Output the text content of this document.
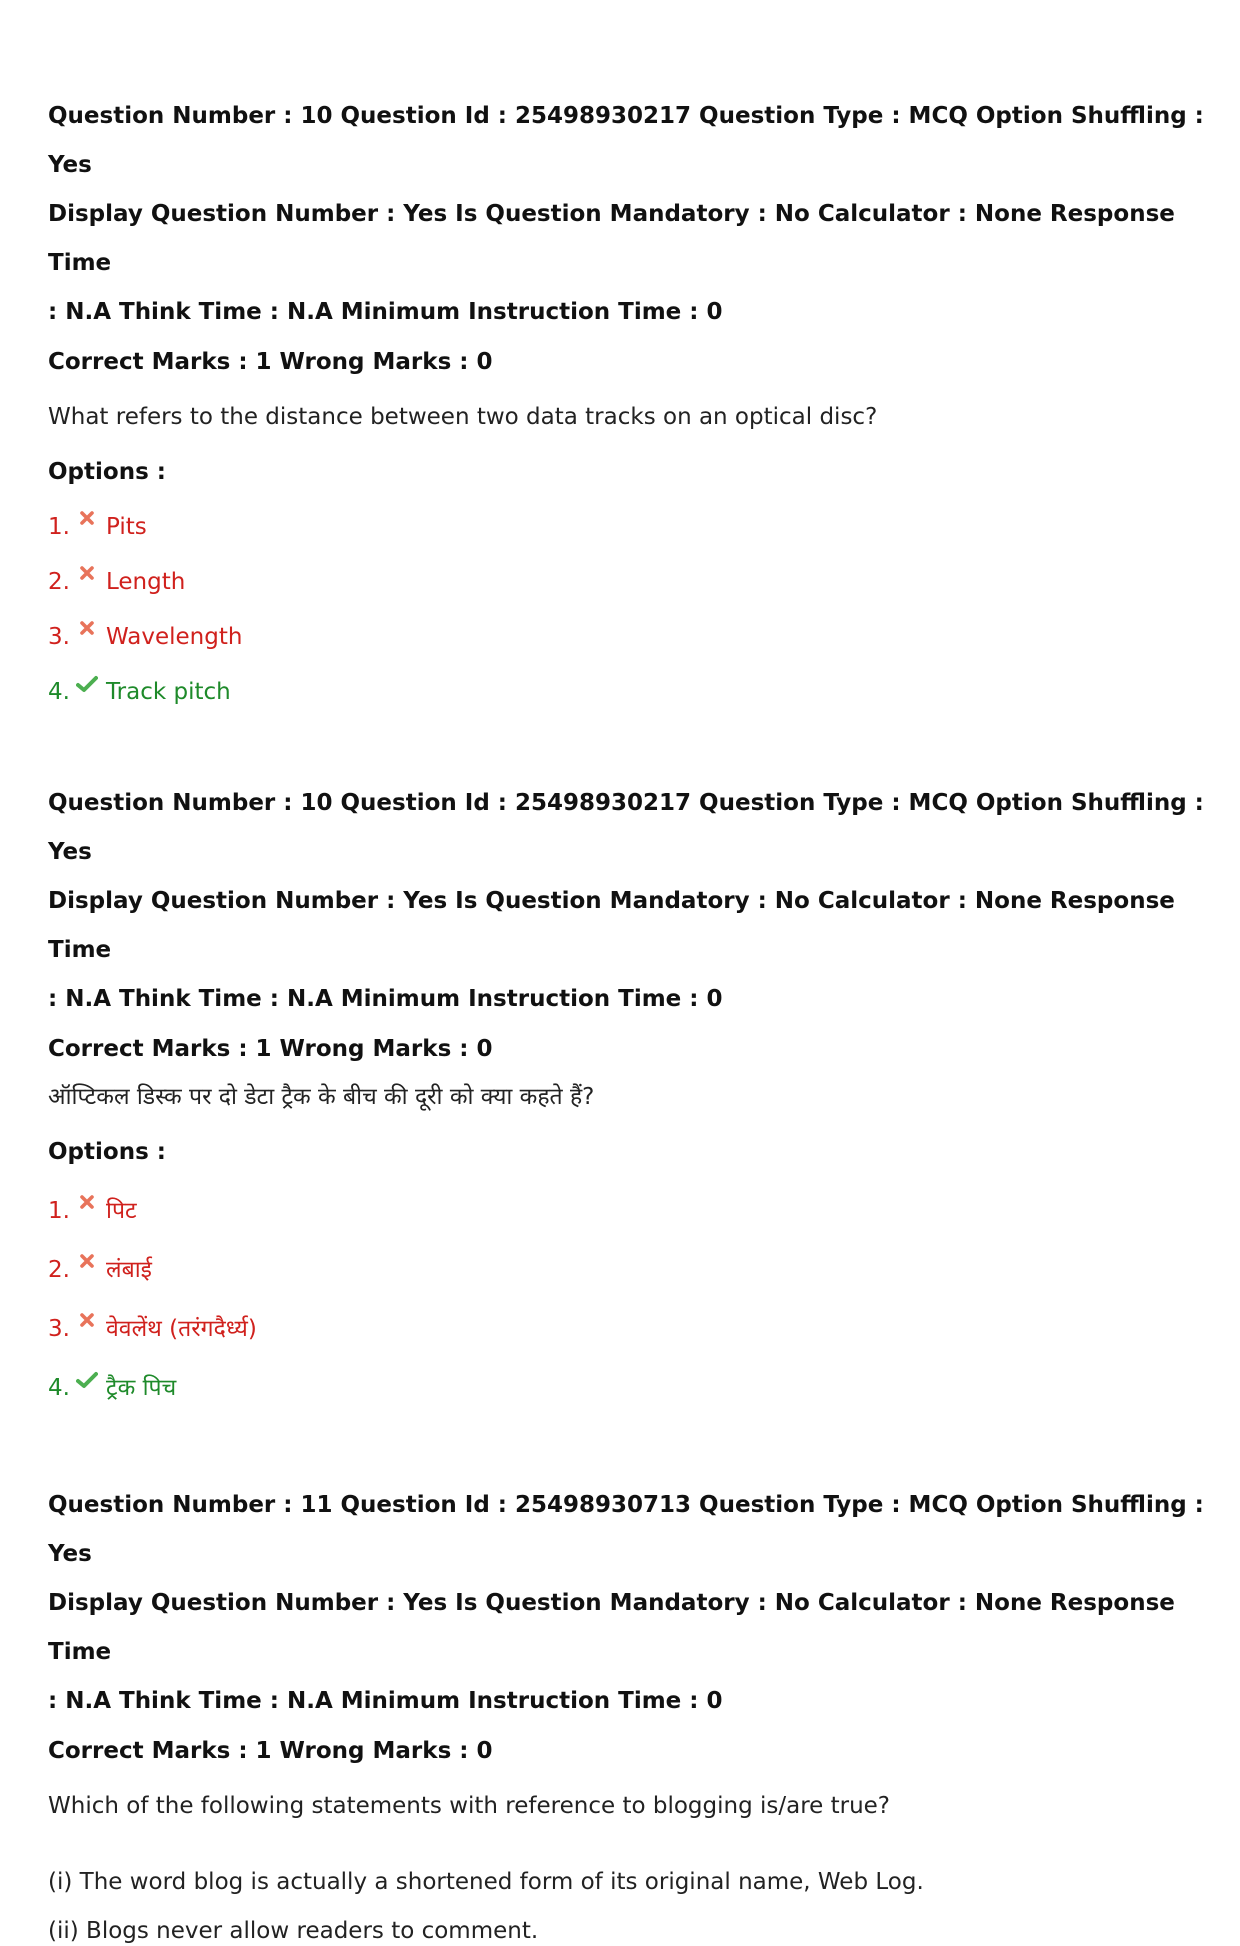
Question Number : 10 Question Id : 25498930217 Question Type : MCQ Option Shuffling : Yes

Display Question Number : Yes Is Question Mandatory : No Calculator : None Response Time

: N.A Think Time : N.A Minimum Instruction Time : 0

Correct Marks : 1 Wrong Marks : 0

What refers to the distance between two data tracks on an optical disc?

Options :

1. Pits
2. Length
3. Wavelength
4. Track pitch

Question Number : 10 Question Id : 25498930217 Question Type : MCQ Option Shuffling : Yes

Display Question Number : Yes Is Question Mandatory : No Calculator : None Response Time

: N.A Think Time : N.A Minimum Instruction Time : 0

Correct Marks : 1 Wrong Marks : 0

ऑप्टिकल डिस्क पर दो डेटा ट्रैक के बीच की दूरी को क्या कहते हैं?

Options :

1. पिट
2. लंबाई
3. वेवलेंथ (तरंगदैर्ध्य)
4. ट्रैक पिच

Question Number : 11 Question Id : 25498930713 Question Type : MCQ Option Shuffling : Yes

Display Question Number : Yes Is Question Mandatory : No Calculator : None Response Time

: N.A Think Time : N.A Minimum Instruction Time : 0

Correct Marks : 1 Wrong Marks : 0

Which of the following statements with reference to blogging is/are true?

(i) The word blog is actually a shortened form of its original name, Web Log.

(ii) Blogs never allow readers to comment.
